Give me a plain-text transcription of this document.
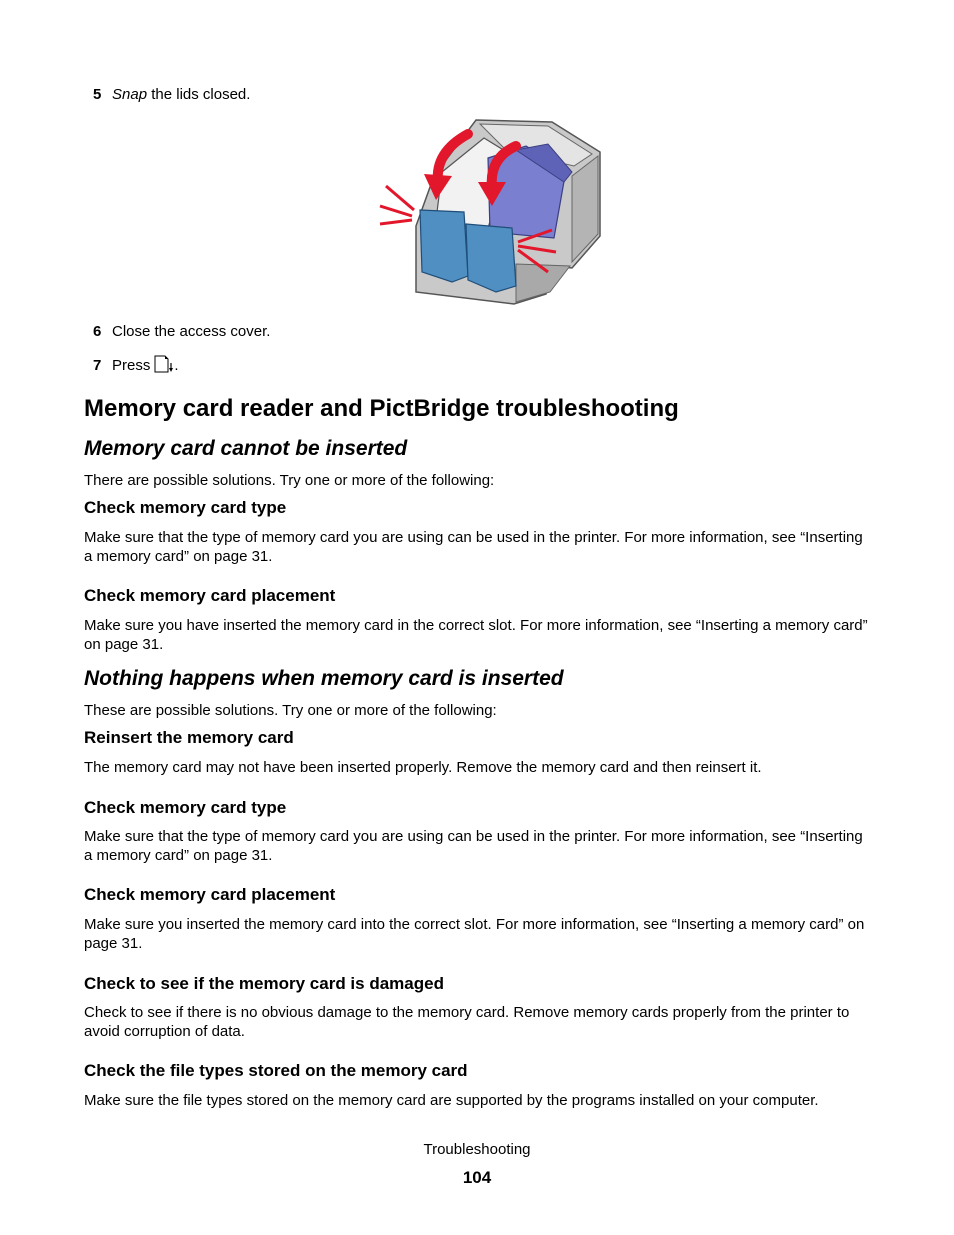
5 Snap the lids closed.
6 Close the access cover.
7 Press .
Memory card reader and PictBridge troubleshooting
Memory card cannot be inserted
There are possible solutions. Try one or more of the following:
Check memory card type
Make sure that the type of memory card you are using can be used in the printer. For more information, see “Inserting a memory card” on page 31.
Check memory card placement
Make sure you have inserted the memory card in the correct slot. For more information, see “Inserting a memory card” on page 31.
Nothing happens when memory card is inserted
These are possible solutions. Try one or more of the following:
Reinsert the memory card
The memory card may not have been inserted properly. Remove the memory card and then reinsert it.
Check memory card type
Make sure that the type of memory card you are using can be used in the printer. For more information, see “Inserting a memory card” on page 31.
Check memory card placement
Make sure you inserted the memory card into the correct slot. For more information, see “Inserting a memory card” on page 31.
Check to see if the memory card is damaged
Check to see if there is no obvious damage to the memory card. Remove memory cards properly from the printer to avoid corruption of data.
Check the file types stored on the memory card
Make sure the file types stored on the memory card are supported by the programs installed on your computer.
Troubleshooting
104
